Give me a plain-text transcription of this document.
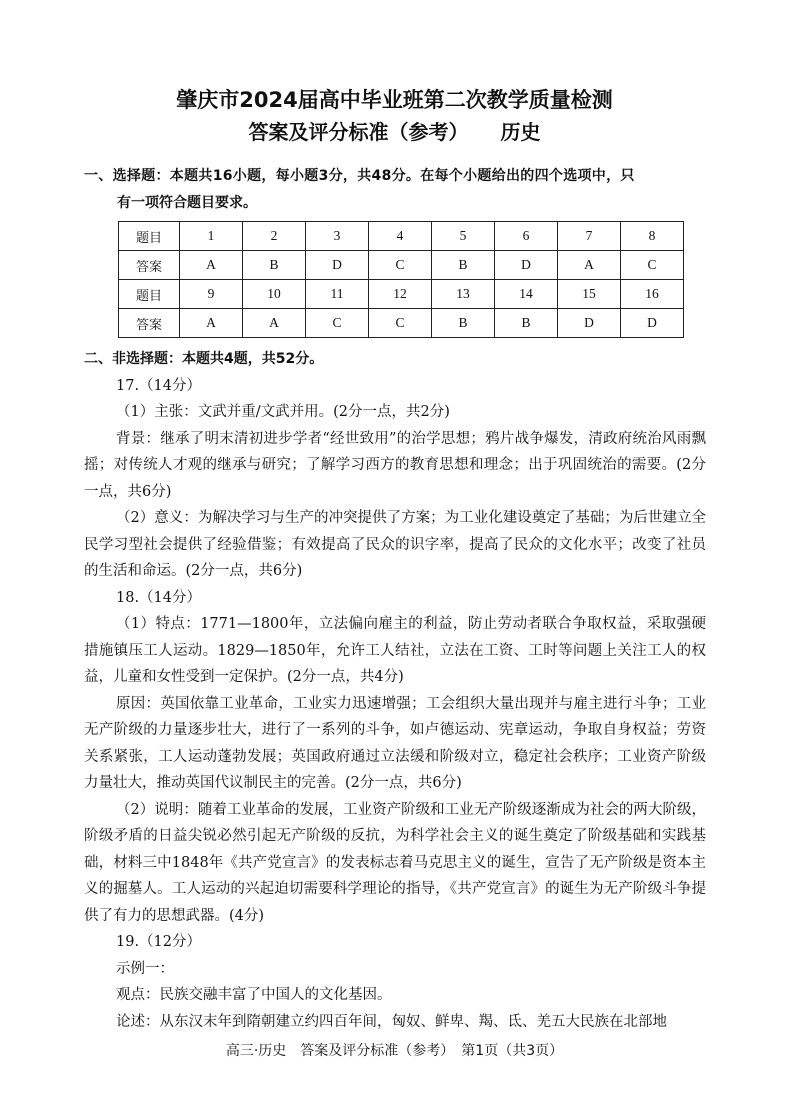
肇庆市2024届高中毕业班第二次教学质量检测
答案及评分标准（参考） 历史

一、选择题：本题共16小题，每小题3分，共48分。在每个小题给出的四个选项中，只

有一项符合题目要求。

题目	1	2	3	4	5	6	7	8
答案	A	B	D	C	B	D	A	C
题目	9	10	11	12	13	14	15	16
答案	A	A	C	C	B	B	D	D

二、非选择题：本题共4题，共52分。

17.（14分）

（1）主张：文武并重/文武并用。(2分一点，共2分)

背景：继承了明末清初进步学者“经世致用”的治学思想；鸦片战争爆发，清政府统治风雨飘摇；对传统人才观的继承与研究；了解学习西方的教育思想和理念；出于巩固统治的需要。(2分一点，共6分)

（2）意义：为解决学习与生产的冲突提供了方案；为工业化建设奠定了基础；为后世建立全民学习型社会提供了经验借鉴；有效提高了民众的识字率，提高了民众的文化水平；改变了社员的生活和命运。(2分一点，共6分)

18.（14分）

（1）特点：1771—1800年，立法偏向雇主的利益，防止劳动者联合争取权益，采取强硬措施镇压工人运动。1829—1850年，允许工人结社，立法在工资、工时等问题上关注工人的权益，儿童和女性受到一定保护。(2分一点，共4分)

原因：英国依靠工业革命，工业实力迅速增强；工会组织大量出现并与雇主进行斗争；工业无产阶级的力量逐步壮大，进行了一系列的斗争，如卢德运动、宪章运动，争取自身权益；劳资关系紧张，工人运动蓬勃发展；英国政府通过立法缓和阶级对立，稳定社会秩序；工业资产阶级力量壮大，推动英国代议制民主的完善。(2分一点，共6分)

（2）说明：随着工业革命的发展，工业资产阶级和工业无产阶级逐渐成为社会的两大阶级，阶级矛盾的日益尖锐必然引起无产阶级的反抗，为科学社会主义的诞生奠定了阶级基础和实践基础，材料三中1848年《共产党宣言》的发表标志着马克思主义的诞生，宣告了无产阶级是资本主义的掘墓人。工人运动的兴起迫切需要科学理论的指导，《共产党宣言》的诞生为无产阶级斗争提供了有力的思想武器。(4分)

19.（12分）

示例一：

观点：民族交融丰富了中国人的文化基因。

论述：从东汉末年到隋朝建立约四百年间，匈奴、鲜卑、羯、氐、羌五大民族在北部地

高三·历史　答案及评分标准（参考）　第1页（共3页）
